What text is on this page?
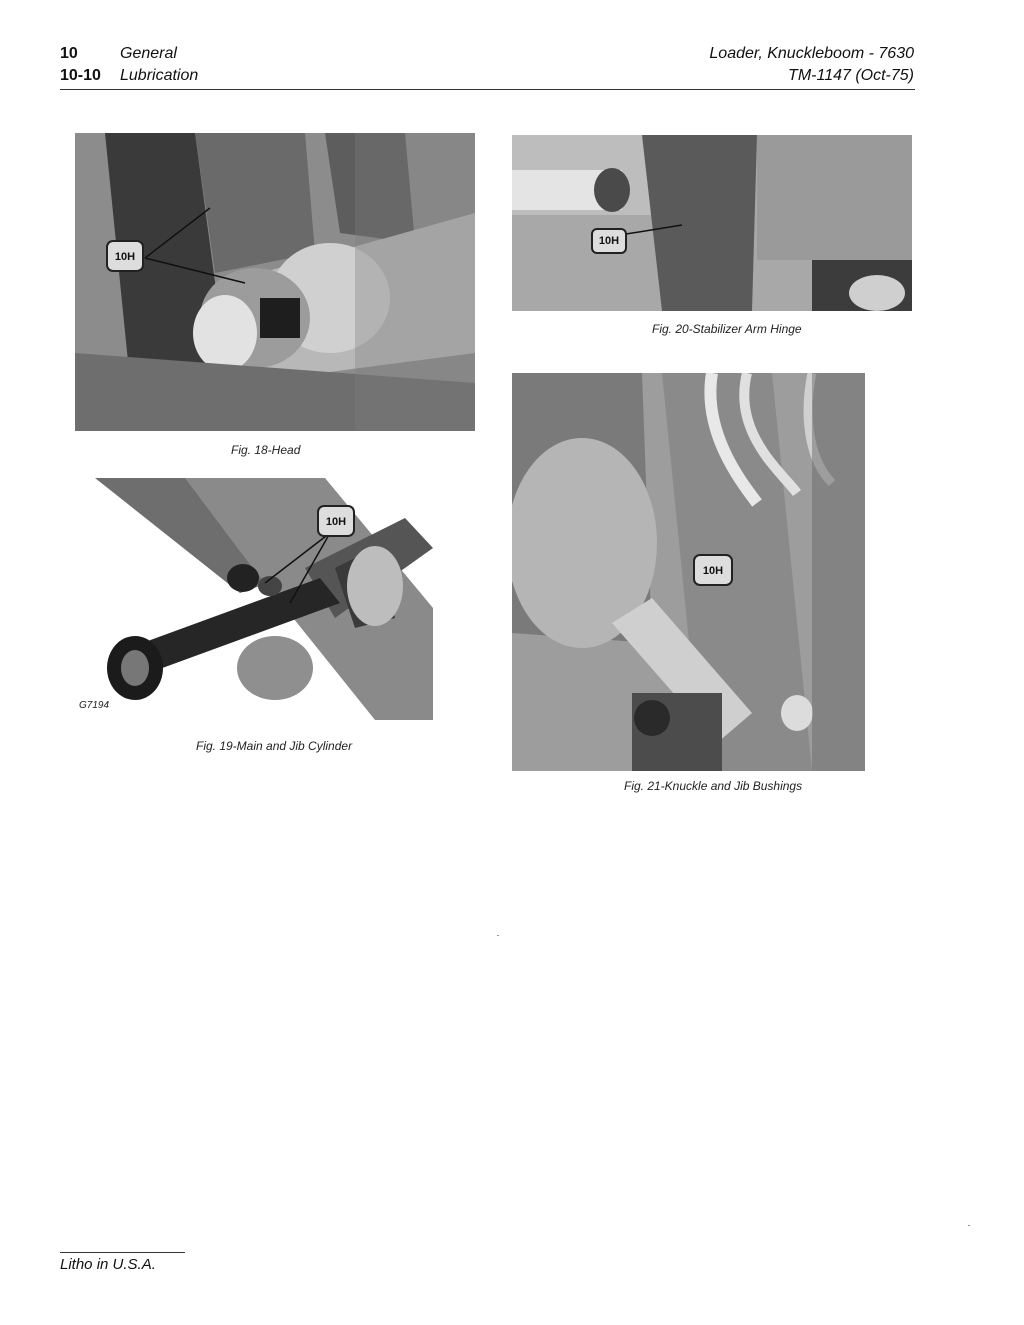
10	General
10-10 Lubrication
Loader, Knuckleboom - 7630
TM-1147 (Oct-75)
10H
Fig. 18-Head
10H
Fig. 20-Stabilizer Arm Hinge
10H
G7194
Fig. 19-Main and Jib Cylinder
10H
Fig. 21-Knuckle and Jib Bushings
Litho in U.S.A.
